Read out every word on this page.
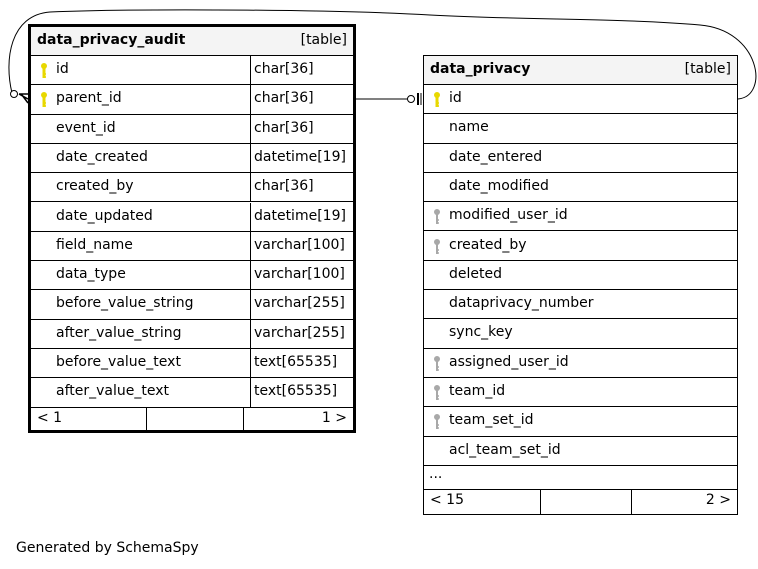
data_privacy_audit	[table]
id	char[36]
parent_id	char[36]
event_id	char[36]
date_created	datetime[19]
created_by	char[36]
date_updated	datetime[19]
field_name	varchar[100]
data_type	varchar[100]
before_value_string	varchar[255]
after_value_string	varchar[255]
before_value_text	text[65535]
after_value_text	text[65535]
< 1	1 >
data_privacy	[table]
id
name
date_entered
date_modified
modified_user_id
created_by
deleted
dataprivacy_number
sync_key
assigned_user_id
team_id
team_set_id
acl_team_set_id
...
< 15	2 >
Generated by SchemaSpy
